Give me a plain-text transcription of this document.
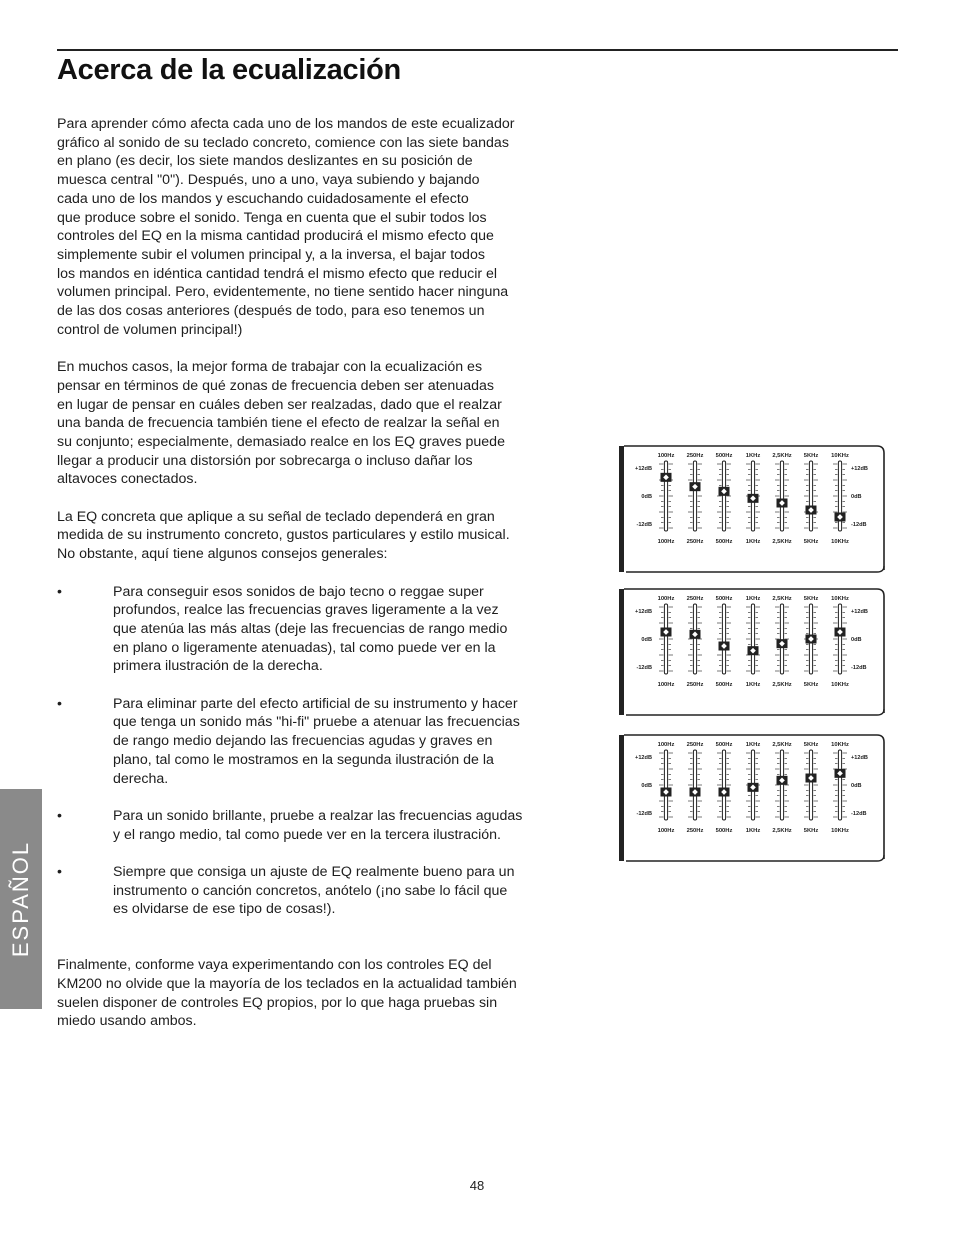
Acerca de la ecualización

Para aprender cómo afecta cada uno de los mandos de este ecualizador
gráfico al sonido de su teclado concreto, comience con las siete bandas
en plano (es decir, los siete mandos deslizantes en su posición de
muesca central "0"). Después, uno a uno, vaya subiendo y bajando
cada uno de los mandos y escuchando cuidadosamente el efecto
que produce sobre el sonido. Tenga en cuenta que el subir todos los
controles del EQ en la misma cantidad producirá el mismo efecto que
simplemente subir el volumen principal y, a la inversa, el bajar todos
los mandos en idéntica cantidad tendrá el mismo efecto que reducir el
volumen principal. Pero, evidentemente, no tiene sentido hacer ninguna
de las dos cosas anteriores (después de todo, para eso tenemos un
control de volumen principal!)

En muchos casos, la mejor forma de trabajar con la ecualización es
pensar en términos de qué zonas de frecuencia deben ser atenuadas
en lugar de pensar en cuáles deben ser realzadas, dado que el realzar
una banda de frecuencia también tiene el efecto de realzar la señal en
su conjunto; especialmente, demasiado realce en los EQ graves puede
llegar a producir una distorsión por sobrecarga o incluso dañar los
altavoces conectados.

La EQ concreta que aplique a su señal de teclado dependerá en gran
medida de su instrumento concreto, gustos particulares y estilo musical.
No obstante, aquí tiene algunos consejos generales:

•	Para conseguir esos sonidos de bajo tecno o reggae super
profundos, realce las frecuencias graves ligeramente a la vez
que atenúa las más altas (deje las frecuencias de rango medio
en plano o ligeramente atenuadas), tal como puede ver en la
primera ilustración de la derecha.
•	Para eliminar parte del efecto artificial de su instrumento y hacer
que tenga un sonido más "hi-fi" pruebe a atenuar las frecuencias
de rango medio dejando las frecuencias agudas y graves en
plano, tal como le mostramos en la segunda ilustración de la
derecha.
•	Para un sonido brillante, pruebe a realzar las frecuencias agudas
y el rango medio, tal como puede ver en la tercera ilustración.
•	Siempre que consiga un ajuste de EQ realmente bueno para un
instrumento o canción concretos, anótelo (¡no sabe lo fácil que
es olvidarse de ese tipo de cosas!).

Finalmente, conforme vaya experimentando con los controles EQ del
KM200 no olvide que la mayoría de los teclados en la actualidad también
suelen disponer de controles EQ propios, por lo que haga pruebas sin
miedo usando ambos.

+12dB	+12dB
0dB	0dB
-12dB	-12dB
100Hz
100Hz
250Hz
250Hz
500Hz
500Hz
1KHz
1KHz
2,5KHz
2,5KHz
5KHz
5KHz
10KHz
10KHz
+12dB	+12dB
0dB	0dB
-12dB	-12dB
100Hz
100Hz
250Hz
250Hz
500Hz
500Hz
1KHz
1KHz
2,5KHz
2,5KHz
5KHz
5KHz
10KHz
10KHz
+12dB	+12dB
0dB	0dB
-12dB	-12dB
100Hz
100Hz
250Hz
250Hz
500Hz
500Hz
1KHz
1KHz
2,5KHz
2,5KHz
5KHz
5KHz
10KHz
10KHz
ESPAÑOL
48
